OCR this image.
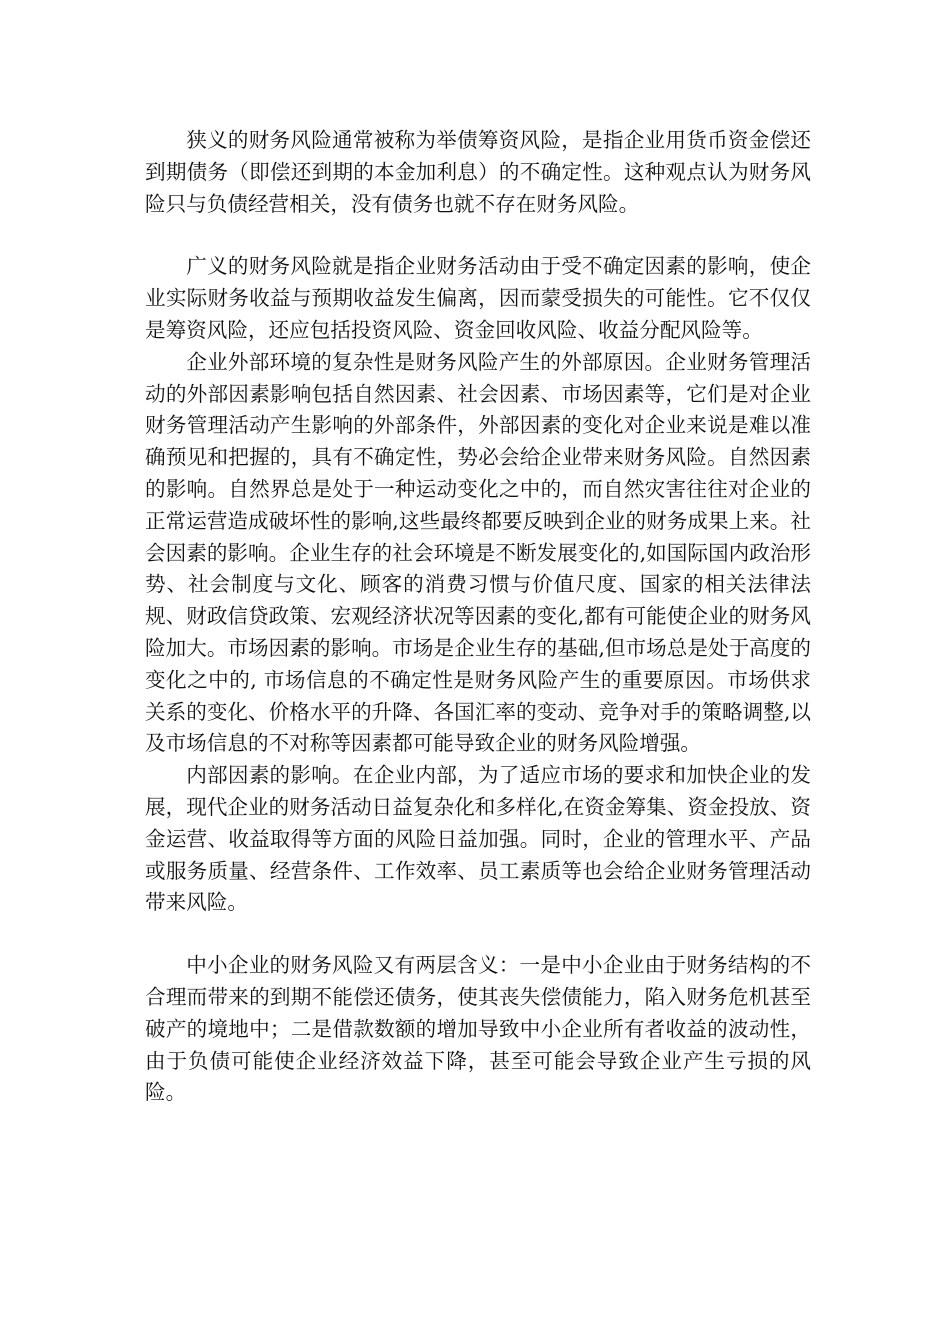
狭义的财务风险通常被称为举债筹资风险，是指企业用货币资金偿还到期债务（即偿还到期的本金加利息）的不确定性。这种观点认为财务风险只与负债经营相关，没有债务也就不存在财务风险。

广义的财务风险就是指企业财务活动由于受不确定因素的影响，使企业实际财务收益与预期收益发生偏离，因而蒙受损失的可能性。它不仅仅是筹资风险，还应包括投资风险、资金回收风险、收益分配风险等。

企业外部环境的复杂性是财务风险产生的外部原因。企业财务管理活动的外部因素影响包括自然因素、社会因素、市场因素等，它们是对企业财务管理活动产生影响的外部条件，外部因素的变化对企业来说是难以准确预见和把握的，具有不确定性，势必会给企业带来财务风险。自然因素的影响。自然界总是处于一种运动变化之中的，而自然灾害往往对企业的正常运营造成破坏性的影响,这些最终都要反映到企业的财务成果上来。社会因素的影响。企业生存的社会环境是不断发展变化的,如国际国内政治形势、社会制度与文化、顾客的消费习惯与价值尺度、国家的相关法律法规、财政信贷政策、宏观经济状况等因素的变化,都有可能使企业的财务风险加大。市场因素的影响。市场是企业生存的基础,但市场总是处于高度的变化之中的, 市场信息的不确定性是财务风险产生的重要原因。市场供求关系的变化、价格水平的升降、各国汇率的变动、竞争对手的策略调整,以及市场信息的不对称等因素都可能导致企业的财务风险增强。

内部因素的影响。在企业内部，为了适应市场的要求和加快企业的发展，现代企业的财务活动日益复杂化和多样化,在资金筹集、资金投放、资金运营、收益取得等方面的风险日益加强。同时，企业的管理水平、产品或服务质量、经营条件、工作效率、员工素质等也会给企业财务管理活动带来风险。

中小企业的财务风险又有两层含义：一是中小企业由于财务结构的不合理而带来的到期不能偿还债务，使其丧失偿债能力，陷入财务危机甚至破产的境地中；二是借款数额的增加导致中小企业所有者收益的波动性，由于负债可能使企业经济效益下降，甚至可能会导致企业产生亏损的风险。
